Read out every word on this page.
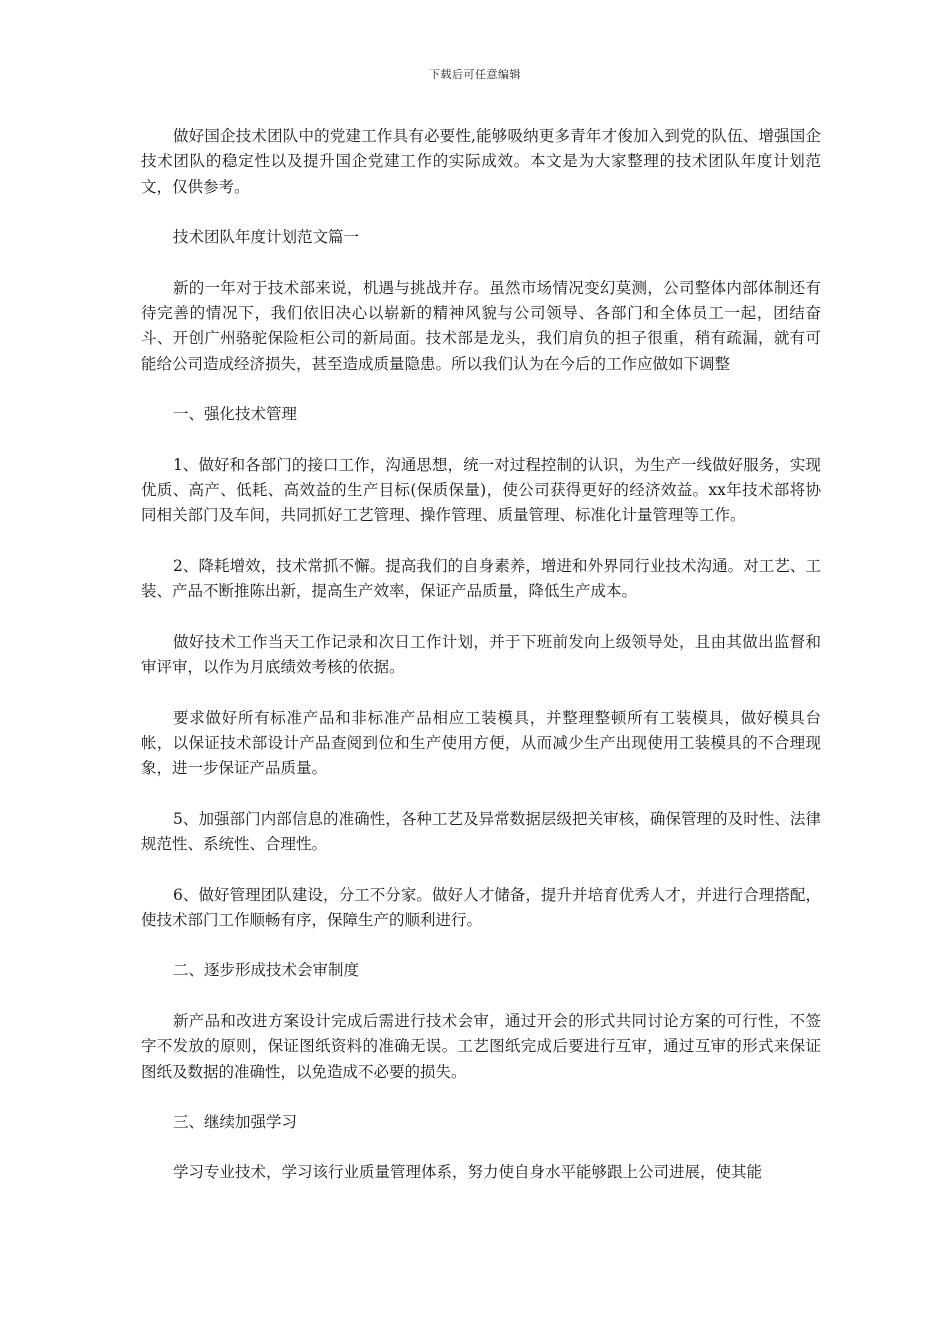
下载后可任意编辑

做好国企技术团队中的党建工作具有必要性,能够吸纳更多青年才俊加入到党的队伍、增强国企技术团队的稳定性以及提升国企党建工作的实际成效。本文是为大家整理的技术团队年度计划范文，仅供参考。

技术团队年度计划范文篇一

新的一年对于技术部来说，机遇与挑战并存。虽然市场情况变幻莫测，公司整体内部体制还有待完善的情况下，我们依旧决心以崭新的精神风貌与公司领导、各部门和全体员工一起，团结奋斗、开创广州骆驼保险柜公司的新局面。技术部是龙头，我们肩负的担子很重，稍有疏漏，就有可能给公司造成经济损失，甚至造成质量隐患。所以我们认为在今后的工作应做如下调整

一、强化技术管理

1、做好和各部门的接口工作，沟通思想，统一对过程控制的认识，为生产一线做好服务，实现优质、高产、低耗、高效益的生产目标(保质保量)，使公司获得更好的经济效益。xx年技术部将协同相关部门及车间，共同抓好工艺管理、操作管理、质量管理、标准化计量管理等工作。

2、降耗增效，技术常抓不懈。提高我们的自身素养，增进和外界同行业技术沟通。对工艺、工装、产品不断推陈出新，提高生产效率，保证产品质量，降低生产成本。

做好技术工作当天工作记录和次日工作计划，并于下班前发向上级领导处，且由其做出监督和审评审，以作为月底绩效考核的依据。

要求做好所有标准产品和非标准产品相应工装模具，并整理整顿所有工装模具，做好模具台帐，以保证技术部设计产品查阅到位和生产使用方便，从而减少生产出现使用工装模具的不合理现象，进一步保证产品质量。

5、加强部门内部信息的准确性，各种工艺及异常数据层级把关审核，确保管理的及时性、法律规范性、系统性、合理性。

6、做好管理团队建设，分工不分家。做好人才储备，提升并培育优秀人才，并进行合理搭配，使技术部门工作顺畅有序，保障生产的顺利进行。

二、逐步形成技术会审制度

新产品和改进方案设计完成后需进行技术会审，通过开会的形式共同讨论方案的可行性，不签字不发放的原则，保证图纸资料的准确无误。工艺图纸完成后要进行互审，通过互审的形式来保证图纸及数据的准确性，以免造成不必要的损失。

三、继续加强学习

学习专业技术，学习该行业质量管理体系，努力使自身水平能够跟上公司进展，使其能
